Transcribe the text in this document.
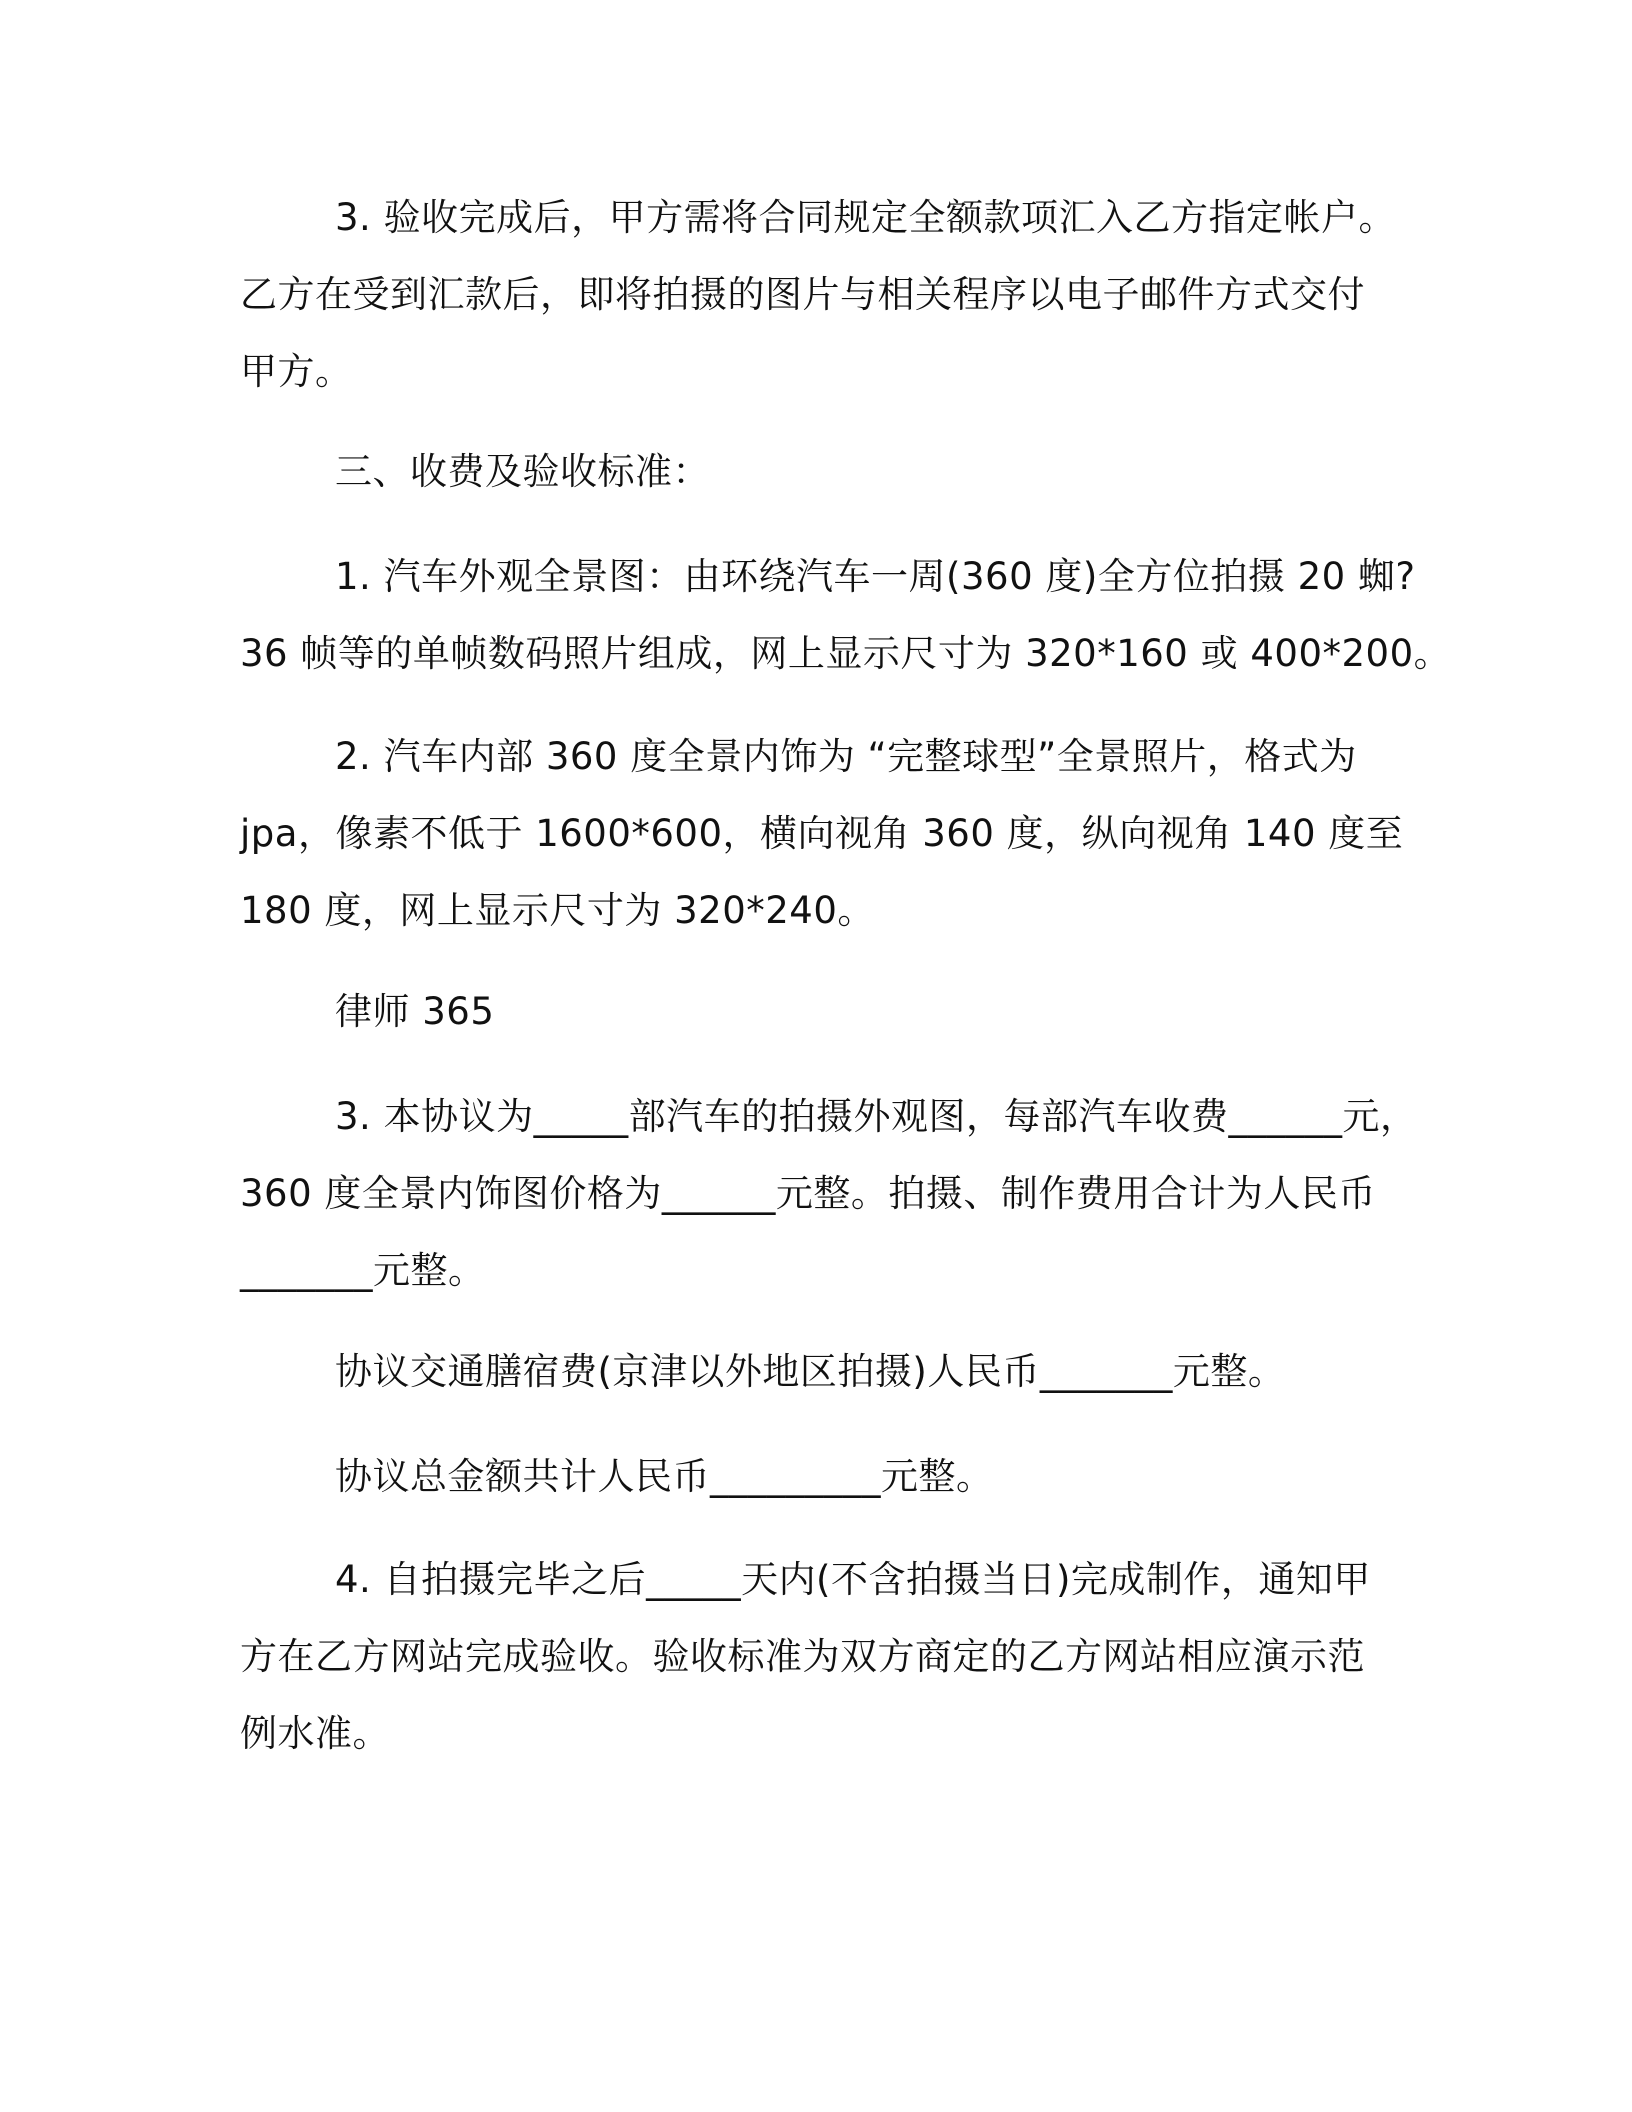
3. 验收完成后，甲方需将合同规定全额款项汇入乙方指定帐户。
乙方在受到汇款后，即将拍摄的图片与相关程序以电子邮件方式交付
甲方。
三、收费及验收标准：
1. 汽车外观全景图：由环绕汽车一周(360 度)全方位拍摄 20 蜘?
36 帧等的单帧数码照片组成，网上显示尺寸为 320*160 或 400*200。
2. 汽车内部 360 度全景内饰为 “完整球型”全景照片，格式为
jpa，像素不低于 1600*600，横向视角 360 度，纵向视角 140 度至
180 度，网上显示尺寸为 320*240。
律师 365
3. 本协议为_____部汽车的拍摄外观图，每部汽车收费______元，
360 度全景内饰图价格为______元整。拍摄、制作费用合计为人民币
_______元整。
协议交通膳宿费(京津以外地区拍摄)人民币_______元整。
协议总金额共计人民币_________元整。
4. 自拍摄完毕之后_____天内(不含拍摄当日)完成制作，通知甲
方在乙方网站完成验收。验收标准为双方商定的乙方网站相应演示范
例水准。
